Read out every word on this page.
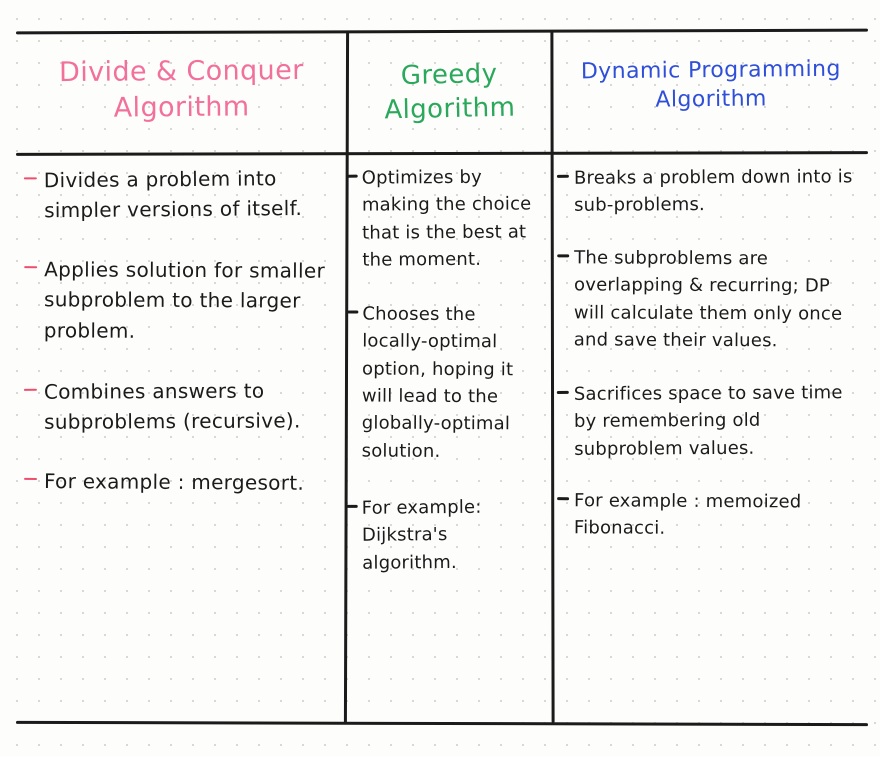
Divide & Conquer
Algorithm
Divides a problem into simpler versions of itself.
Applies solution for smaller subproblem to the larger problem.
Combines answers to subproblems (recursive).
For example : mergesort.
Greedy
Algorithm
Optimizes by making the choice that is the best at the moment.
Chooses the locally-optimal option, hoping it will lead to the globally-optimal solution.
For example: Dijkstra's algorithm.
Dynamic Programming
Algorithm
Breaks a problem down into is sub-problems.
The subproblems are overlapping & recurring; DP will calculate them only once and save their values.
Sacrifices space to save time by remembering old subproblem values.
For example : memoized Fibonacci.
